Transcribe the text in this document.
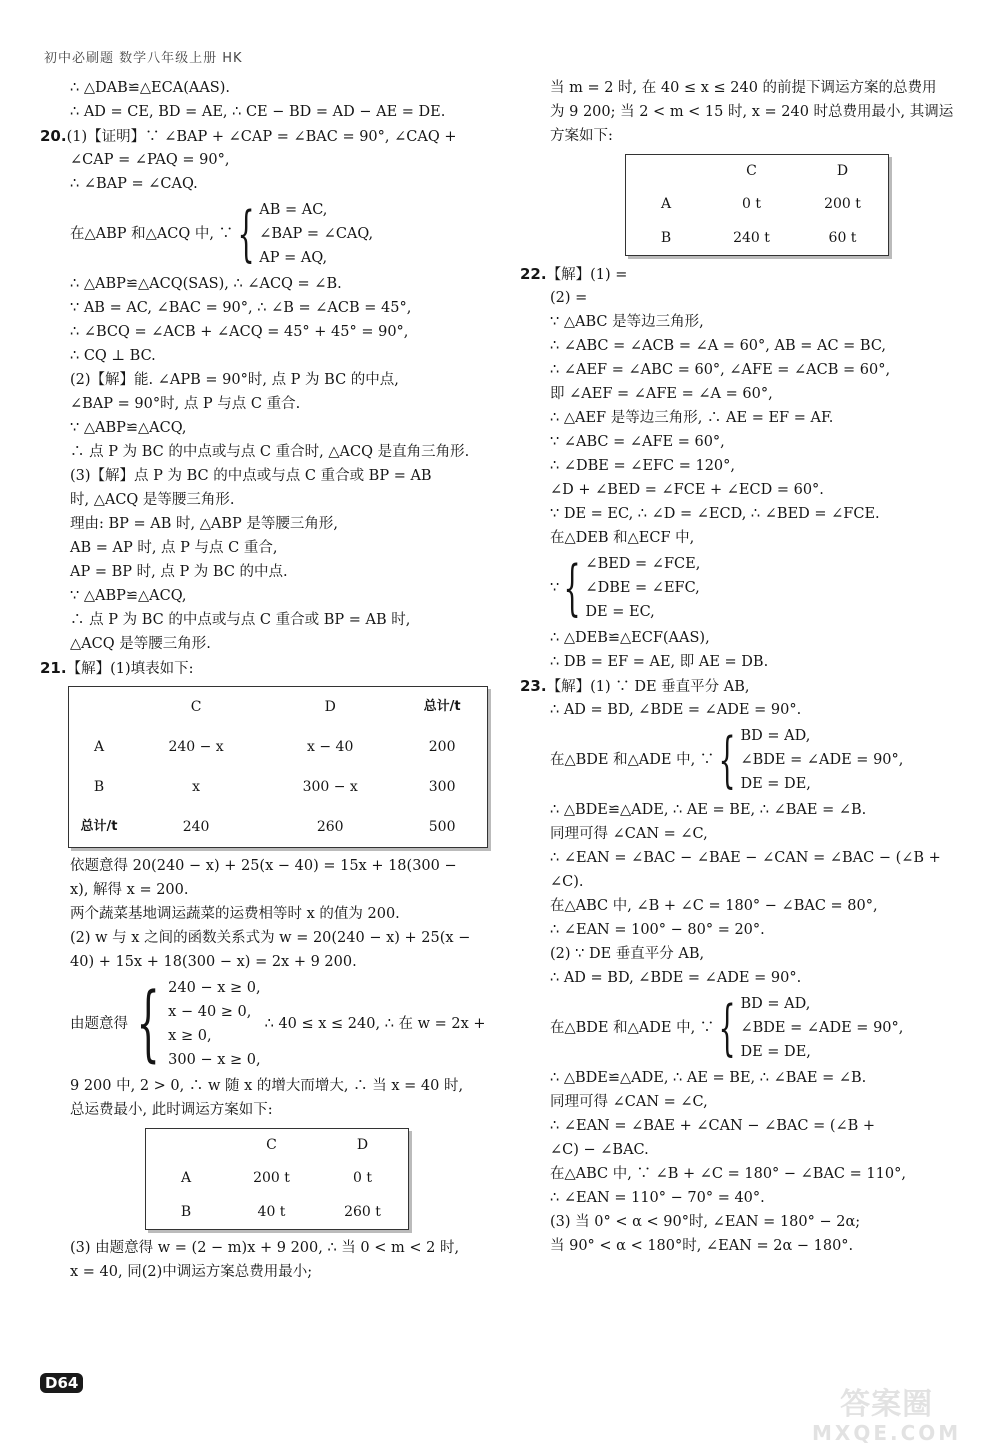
初中必刷题 数学八年级上册 HK
∴ △DAB≌△ECA(AAS).
∴ AD = CE, BD = AE, ∴ CE − BD = AD − AE = DE.
20.(1)【证明】∵ ∠BAP + ∠CAP = ∠BAC = 90°, ∠CAQ +
∠CAP = ∠PAQ = 90°,
∴ ∠BAP = ∠CAQ.
在△ABP 和△ACQ 中, ∵ { AB = AC,
∠BAP = ∠CAQ,
AP = AQ,
∴ △ABP≌△ACQ(SAS), ∴ ∠ACQ = ∠B.
∵ AB = AC, ∠BAC = 90°, ∴ ∠B = ∠ACB = 45°,
∴ ∠BCQ = ∠ACB + ∠ACQ = 45° + 45° = 90°,
∴ CQ ⊥ BC.
(2)【解】能. ∠APB = 90°时, 点 P 为 BC 的中点,
∠BAP = 90°时, 点 P 与点 C 重合.
∵ △ABP≌△ACQ,
∴ 点 P 为 BC 的中点或与点 C 重合时, △ACQ 是直角三角形.
(3)【解】点 P 为 BC 的中点或与点 C 重合或 BP = AB
时, △ACQ 是等腰三角形.
理由: BP = AB 时, △ABP 是等腰三角形,
AB = AP 时, 点 P 与点 C 重合,
AP = BP 时, 点 P 为 BC 的中点.
∵ △ABP≌△ACQ,
∴ 点 P 为 BC 的中点或与点 C 重合或 BP = AB 时,
△ACQ 是等腰三角形.
21.【解】(1)填表如下:
	C	D	总计/t
A	240 − x	x − 40	200
B	x	300 − x	300
总计/t	240	260	500
依题意得 20(240 − x) + 25(x − 40) = 15x + 18(300 −
x), 解得 x = 200.
两个蔬菜基地调运蔬菜的运费相等时 x 的值为 200.
(2) w 与 x 之间的函数关系式为 w = 20(240 − x) + 25(x −
40) + 15x + 18(300 − x) = 2x + 9 200.
由题意得 { 240 − x ≥ 0,
x − 40 ≥ 0,
x ≥ 0,
300 − x ≥ 0,
∴ 40 ≤ x ≤ 240, ∴ 在 w = 2x +
9 200 中, 2 > 0, ∴ w 随 x 的增大而增大, ∴ 当 x = 40 时,
总运费最小, 此时调运方案如下:
	C	D
A	200 t	0 t
B	40 t	260 t
(3) 由题意得 w = (2 − m)x + 9 200, ∴ 当 0 < m < 2 时,
x = 40, 同(2)中调运方案总费用最小;
当 m = 2 时, 在 40 ≤ x ≤ 240 的前提下调运方案的总费用
为 9 200; 当 2 < m < 15 时, x = 240 时总费用最小, 其调运
方案如下:
	C	D
A	0 t	200 t
B	240 t	60 t
22.【解】(1) =
(2) =
∵ △ABC 是等边三角形,
∴ ∠ABC = ∠ACB = ∠A = 60°, AB = AC = BC,
∴ ∠AEF = ∠ABC = 60°, ∠AFE = ∠ACB = 60°,
即 ∠AEF = ∠AFE = ∠A = 60°,
∴ △AEF 是等边三角形, ∴ AE = EF = AF.
∵ ∠ABC = ∠AFE = 60°,
∴ ∠DBE = ∠EFC = 120°,
∠D + ∠BED = ∠FCE + ∠ECD = 60°.
∵ DE = EC, ∴ ∠D = ∠ECD, ∴ ∠BED = ∠FCE.
在△DEB 和△ECF 中,
∵ { ∠BED = ∠FCE,
∠DBE = ∠EFC,
DE = EC,
∴ △DEB≌△ECF(AAS),
∴ DB = EF = AE, 即 AE = DB.
23.【解】(1) ∵ DE 垂直平分 AB,
∴ AD = BD, ∠BDE = ∠ADE = 90°.
在△BDE 和△ADE 中, ∵ { BD = AD,
∠BDE = ∠ADE = 90°,
DE = DE,
∴ △BDE≌△ADE, ∴ AE = BE, ∴ ∠BAE = ∠B.
同理可得 ∠CAN = ∠C,
∴ ∠EAN = ∠BAC − ∠BAE − ∠CAN = ∠BAC − (∠B +
∠C).
在△ABC 中, ∠B + ∠C = 180° − ∠BAC = 80°,
∴ ∠EAN = 100° − 80° = 20°.
(2) ∵ DE 垂直平分 AB,
∴ AD = BD, ∠BDE = ∠ADE = 90°.
在△BDE 和△ADE 中, ∵ { BD = AD,
∠BDE = ∠ADE = 90°,
DE = DE,
∴ △BDE≌△ADE, ∴ AE = BE, ∴ ∠BAE = ∠B.
同理可得 ∠CAN = ∠C,
∴ ∠EAN = ∠BAE + ∠CAN − ∠BAC = (∠B +
∠C) − ∠BAC.
在△ABC 中, ∵ ∠B + ∠C = 180° − ∠BAC = 110°,
∴ ∠EAN = 110° − 70° = 40°.
(3) 当 0° < α < 90°时, ∠EAN = 180° − 2α;
当 90° < α < 180°时, ∠EAN = 2α − 180°.
D64
答案圈
MXQE.COM
